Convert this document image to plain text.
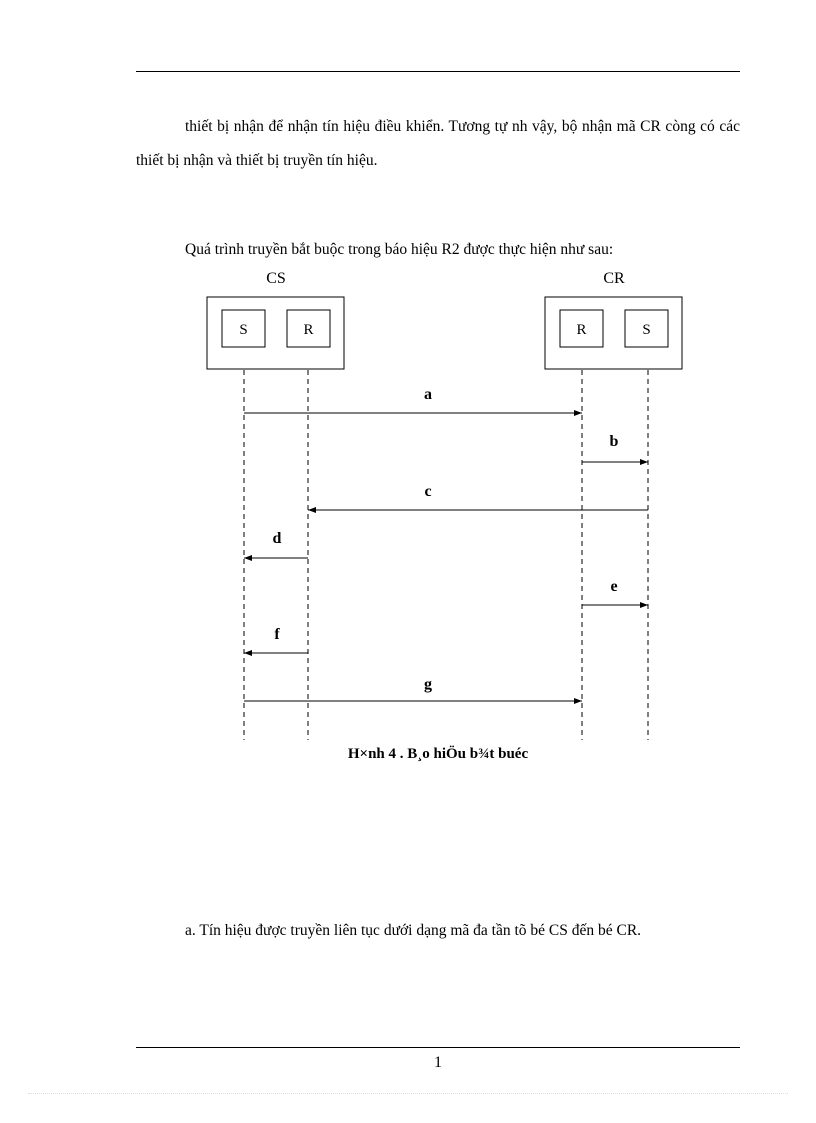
thiết bị nhận để nhận tín hiệu điều khiển. Tương tự nh vậy, bộ nhận mã CR còng có các thiết bị nhận và thiết bị truyền tín hiệu.

Quá trình truyền bắt buộc trong báo hiệu R2 được thực hiện như sau:

CS	CR
S	R	R	S
a
b
c
d
e
f
g
H×nh 4 . B¸o hiÖu b¾t buéc

a. Tín hiệu được truyền liên tục dưới dạng mã đa tần tõ bé CS đến bé CR.

1
